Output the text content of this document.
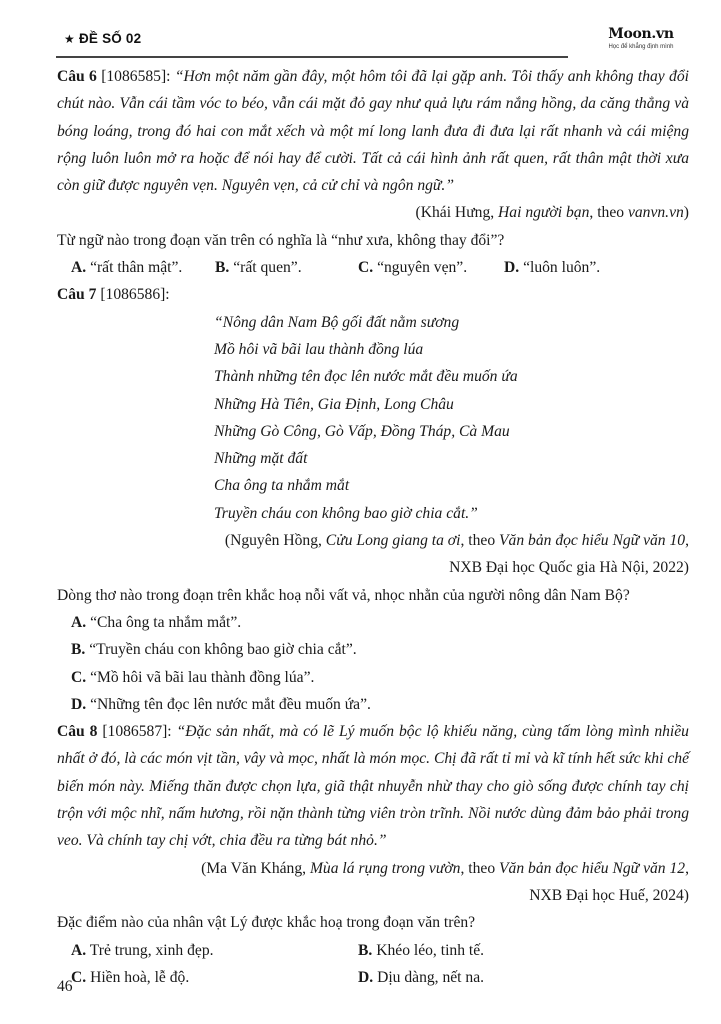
★ ĐỀ SỐ 02	Moon.vn
Học để khẳng định mình

Câu 6 [1086585]: “Hơn một năm gần đây, một hôm tôi đã lại gặp anh. Tôi thấy anh không thay đổi chút nào. Vẫn cái tầm vóc to béo, vẫn cái mặt đỏ gay như quả lựu rám nắng hồng, da căng thẳng và bóng loáng, trong đó hai con mắt xếch và một mí long lanh đưa đi đưa lại rất nhanh và cái miệng rộng luôn luôn mở ra hoặc để nói hay để cười. Tất cả cái hình ảnh rất quen, rất thân mật thời xưa còn giữ được nguyên vẹn. Nguyên vẹn, cả cử chỉ và ngôn ngữ.”

(Khái Hưng, Hai người bạn, theo vanvn.vn)

Từ ngữ nào trong đoạn văn trên có nghĩa là “như xưa, không thay đổi”?

A. “rất thân mật”.	B. “rất quen”.	C. “nguyên vẹn”.	D. “luôn luôn”.

Câu 7 [1086586]:

“Nông dân Nam Bộ gối đất nằm sương
Mồ hôi vã bãi lau thành đồng lúa
Thành những tên đọc lên nước mắt đều muốn ứa
Những Hà Tiên, Gia Định, Long Châu
Những Gò Công, Gò Vấp, Đồng Tháp, Cà Mau
Những mặt đất
Cha ông ta nhắm mắt
Truyền cháu con không bao giờ chia cắt.”

(Nguyên Hồng, Cửu Long giang ta ơi, theo Văn bản đọc hiểu Ngữ văn 10,

NXB Đại học Quốc gia Hà Nội, 2022)

Dòng thơ nào trong đoạn trên khắc hoạ nỗi vất vả, nhọc nhằn của người nông dân Nam Bộ?

A. “Cha ông ta nhắm mắt”.
B. “Truyền cháu con không bao giờ chia cắt”.
C. “Mồ hôi vã bãi lau thành đồng lúa”.
D. “Những tên đọc lên nước mắt đều muốn ứa”.

Câu 8 [1086587]: “Đặc sản nhất, mà có lẽ Lý muốn bộc lộ khiếu năng, cùng tấm lòng mình nhiều nhất ở đó, là các món vịt tần, vây và mọc, nhất là món mọc. Chị đã rất tỉ mỉ và kĩ tính hết sức khi chế biến món này. Miếng thăn được chọn lựa, giã thật nhuyễn nhừ thay cho giò sống được chính tay chị trộn với mộc nhĩ, nấm hương, rồi nặn thành từng viên tròn trĩnh. Nồi nước dùng đảm bảo phải trong veo. Và chính tay chị vớt, chia đều ra từng bát nhỏ.”

(Ma Văn Kháng, Mùa lá rụng trong vườn, theo Văn bản đọc hiểu Ngữ văn 12,

NXB Đại học Huế, 2024)

Đặc điểm nào của nhân vật Lý được khắc hoạ trong đoạn văn trên?

A. Trẻ trung, xinh đẹp.	B. Khéo léo, tinh tế.
C. Hiền hoà, lễ độ.	D. Dịu dàng, nết na.
46
